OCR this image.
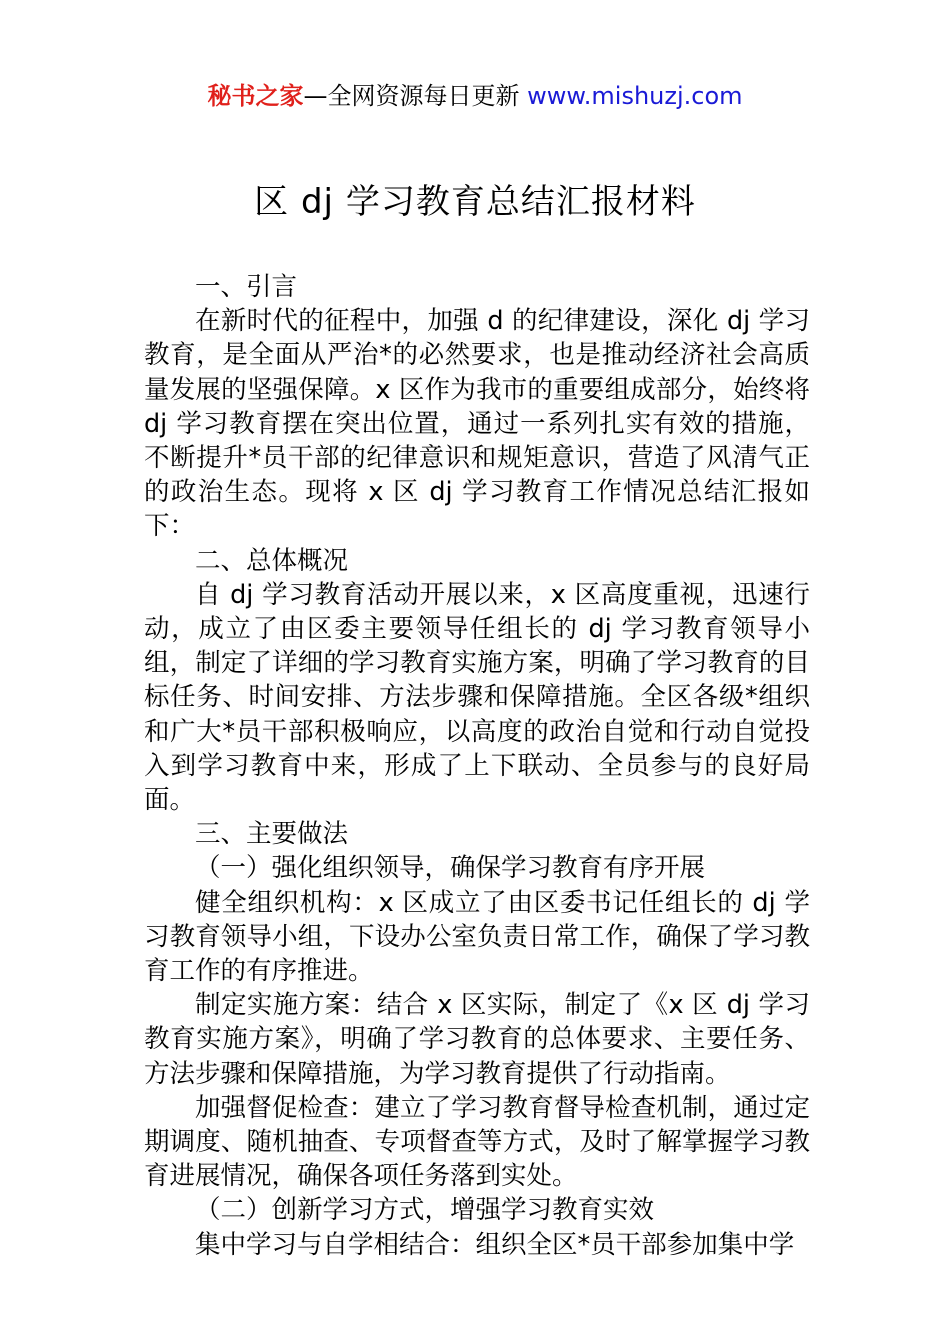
秘书之家—全网资源每日更新 www.mishuzj.com
区 dj 学习教育总结汇报材料

一、引言

在新时代的征程中，加强 d 的纪律建设，深化 dj 学习教育，是全面从严治*的必然要求，也是推动经济社会高质量发展的坚强保障。x 区作为我市的重要组成部分，始终将 dj 学习教育摆在突出位置，通过一系列扎实有效的措施，不断提升*员干部的纪律意识和规矩意识，营造了风清气正的政治生态。现将 x 区 dj 学习教育工作情况总结汇报如下：

二、总体概况

自 dj 学习教育活动开展以来，x 区高度重视，迅速行动，成立了由区委主要领导任组长的 dj 学习教育领导小组，制定了详细的学习教育实施方案，明确了学习教育的目标任务、时间安排、方法步骤和保障措施。全区各级*组织和广大*员干部积极响应，以高度的政治自觉和行动自觉投入到学习教育中来，形成了上下联动、全员参与的良好局面。

三、主要做法

（一）强化组织领导，确保学习教育有序开展

健全组织机构：x 区成立了由区委书记任组长的 dj 学习教育领导小组，下设办公室负责日常工作，确保了学习教育工作的有序推进。

制定实施方案：结合 x 区实际，制定了《x 区 dj 学习教育实施方案》，明确了学习教育的总体要求、主要任务、方法步骤和保障措施，为学习教育提供了行动指南。

加强督促检查：建立了学习教育督导检查机制，通过定期调度、随机抽查、专项督查等方式，及时了解掌握学习教育进展情况，确保各项任务落到实处。

（二）创新学习方式，增强学习教育实效

集中学习与自学相结合：组织全区*员干部参加集中学
